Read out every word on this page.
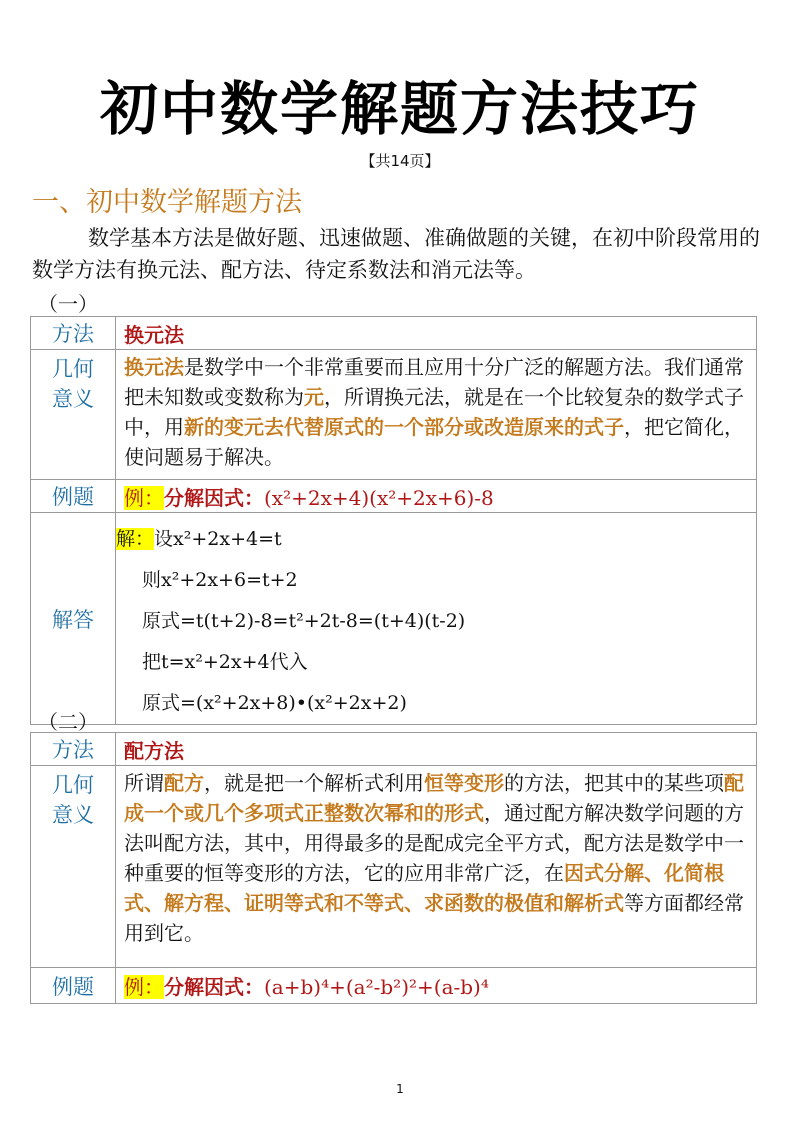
初中数学解题方法技巧
【共14页】
一、初中数学解题方法
数学基本方法是做好题、迅速做题、准确做题的关键，在初中阶段常用的数学方法有换元法、配方法、待定系数法和消元法等。
（一）
方法	换元法

几何
意义	换元法是数学中一个非常重要而且应用十分广泛的解题方法。我们通常把未知数或变数称为元，所谓换元法，就是在一个比较复杂的数学式子中，用新的变元去代替原式的一个部分或改造原来的式子，把它简化，使问题易于解决。

例题	例：分解因式：(x²+2x+4)(x²+2x+6)-8
解答	解：设x²+2x+4=t
则x²+2x+6=t+2
原式=t(t+2)-8=t²+2t-8=(t+4)(t-2)
把t=x²+2x+4代入
原式=(x²+2x+8)•(x²+2x+2)
（二）
方法	配方法

几何
意义	所谓配方，就是把一个解析式利用恒等变形的方法，把其中的某些项配成一个或几个多项式正整数次幂和的形式，通过配方解决数学问题的方法叫配方法，其中，用得最多的是配成完全平方式，配方法是数学中一种重要的恒等变形的方法，它的应用非常广泛，在因式分解、化简根式、解方程、证明等式和不等式、求函数的极值和解析式等方面都经常用到它。

例题	例：分解因式：(a+b)⁴+(a²-b²)²+(a-b)⁴
1
